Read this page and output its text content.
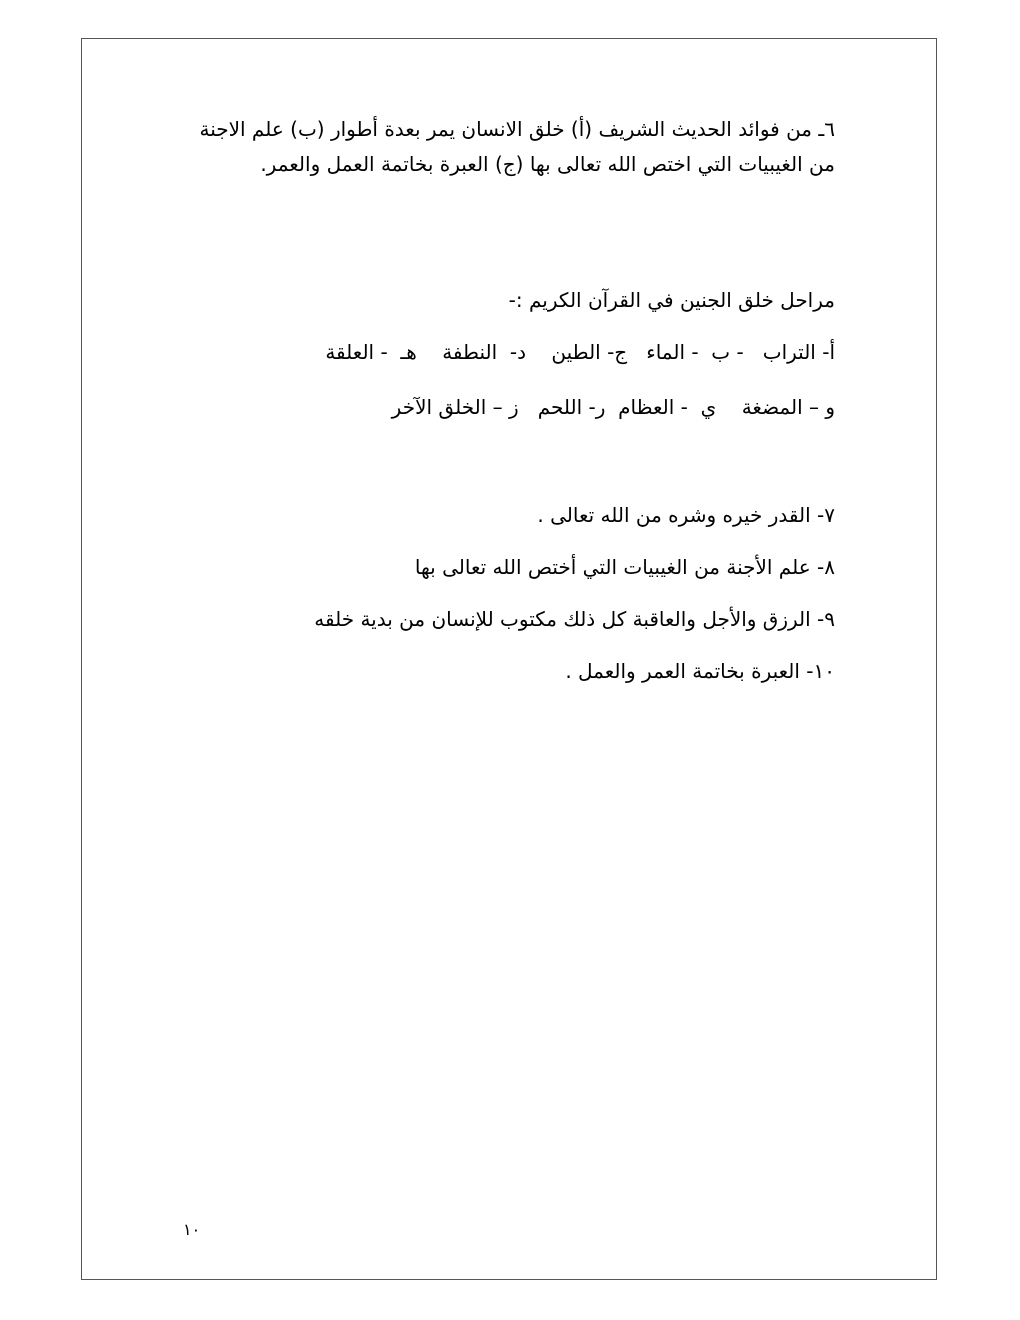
٦ـ من فوائد الحديث الشريف (أ) خلق الانسان يمر بعدة أطوار (ب) علم الاجنة من الغيبيات التي اختص الله تعالى بها (ج) العبرة بخاتمة العمل والعمر.
مراحل خلق الجنين في القرآن الكريم :-
أ- التراب   - ب  - الماء   ج- الطين    د-  النطفة    هـ  - العلقة
و – المضغة    ي  - العظام  ر- اللحم   ز – الخلق الآخر
٧- القدر خيره وشره من الله تعالى .
٨- علم الأجنة من الغيبيات التي أختص الله تعالى بها
٩- الرزق والأجل والعاقبة كل ذلك مكتوب للإنسان من بدية خلقه
١٠- العبرة بخاتمة العمر والعمل .
١٠
